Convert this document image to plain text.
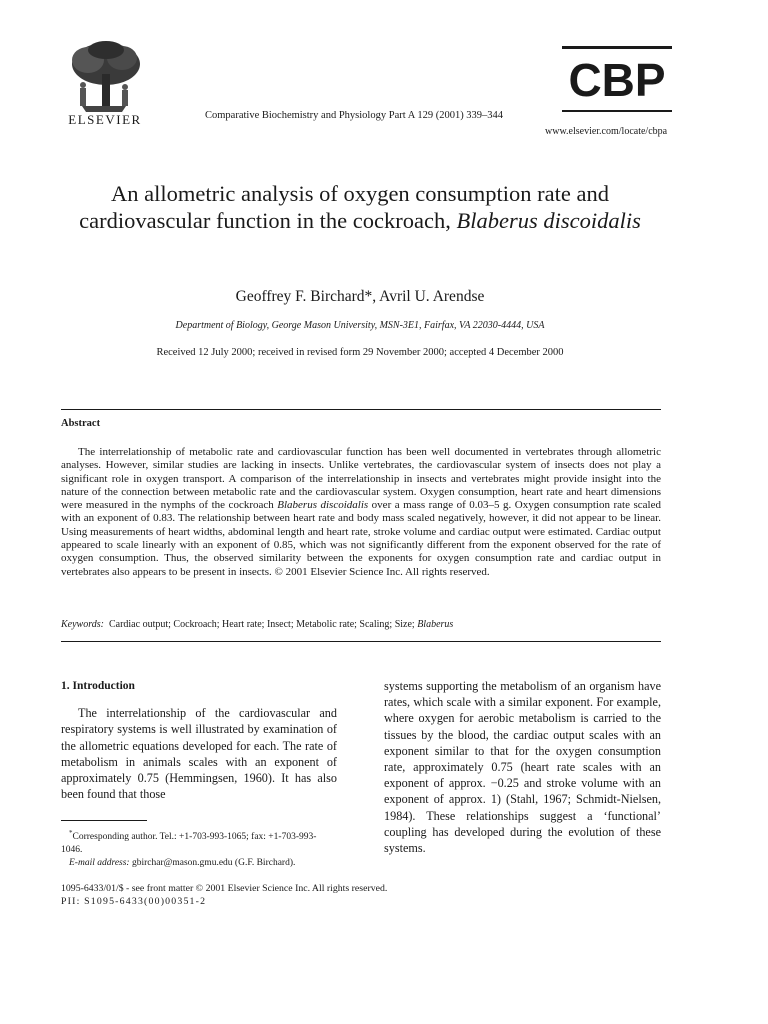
ELSEVIER	Comparative Biochemistry and Physiology Part A 129 (2001) 339–344
CBP
www.elsevier.com/locate/cbpa
An allometric analysis of oxygen consumption rate and cardiovascular function in the cockroach, Blaberus discoidalis
Geoffrey F. Birchard*, Avril U. Arendse
Department of Biology, George Mason University, MSN-3E1, Fairfax, VA 22030-4444, USA
Received 12 July 2000; received in revised form 29 November 2000; accepted 4 December 2000
Abstract
The interrelationship of metabolic rate and cardiovascular function has been well documented in vertebrates through allometric analyses. However, similar studies are lacking in insects. Unlike vertebrates, the cardiovascular system of insects does not play a significant role in oxygen transport. A comparison of the interrelationship in insects and vertebrates might provide insight into the nature of the connection between metabolic rate and the cardiovascular system. Oxygen consumption, heart rate and heart dimensions were measured in the nymphs of the cockroach Blaberus discoidalis over a mass range of 0.03–5 g. Oxygen consumption rate scaled with an exponent of 0.83. The relationship between heart rate and body mass scaled negatively, however, it did not appear to be linear. Using measurements of heart widths, abdominal length and heart rate, stroke volume and cardiac output were estimated. Cardiac output appeared to scale linearly with an exponent of 0.85, which was not significantly different from the exponent observed for the rate of oxygen consumption. Thus, the observed similarity between the exponents for oxygen consumption rate and cardiac output in vertebrates also appears to be present in insects. © 2001 Elsevier Science Inc. All rights reserved.
Keywords: Cardiac output; Cockroach; Heart rate; Insect; Metabolic rate; Scaling; Size; Blaberus
1. Introduction

The interrelationship of the cardiovascular and respiratory systems is well illustrated by examination of the allometric equations developed for each. The rate of metabolism in animals scales with an exponent of approximately 0.75 (Hemmingsen, 1960). It has also been found that those

systems supporting the metabolism of an organism have rates, which scale with a similar exponent. For example, where oxygen for aerobic metabolism is carried to the tissues by the blood, the cardiac output scales with an exponent similar to that for the oxygen consumption rate, approximately 0.75 (heart rate scales with an exponent of approx. −0.25 and stroke volume with an exponent of approx. 1) (Stahl, 1967; Schmidt-Nielsen, 1984). These relationships suggest a ‘functional’ coupling has developed during the evolution of these systems.

*Corresponding author. Tel.: +1-703-993-1065; fax: +1-703-993-1046.

E-mail address: gbirchar@mason.gmu.edu (G.F. Birchard).

1095-6433/01/$ - see front matter © 2001 Elsevier Science Inc. All rights reserved.
PII: S1095-6433(00)00351-2
